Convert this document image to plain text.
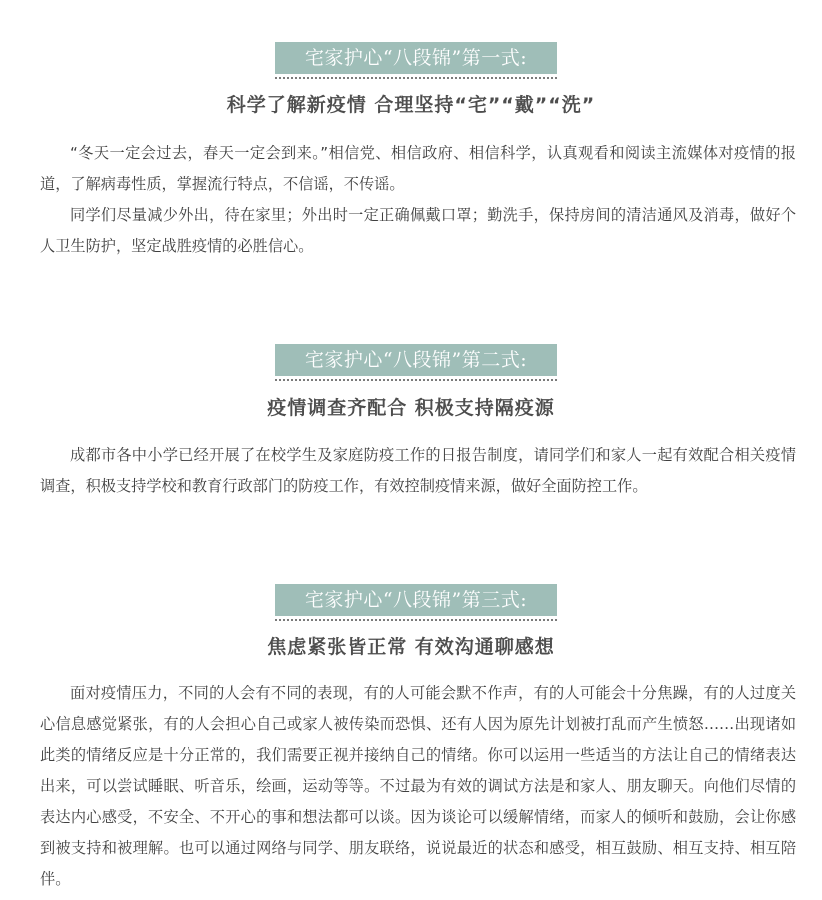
宅家护心“八段锦”第一式:
科学了解新疫情 合理坚持“宅”“戴”“洗”

“冬天一定会过去，春天一定会到来。”相信党、相信政府、相信科学，认真观看和阅读主流媒体对疫情的报道，了解病毒性质，掌握流行特点，不信谣，不传谣。

同学们尽量减少外出，待在家里；外出时一定正确佩戴口罩；勤洗手，保持房间的清洁通风及消毒，做好个人卫生防护，坚定战胜疫情的必胜信心。

宅家护心“八段锦”第二式:
疫情调查齐配合 积极支持隔疫源

成都市各中小学已经开展了在校学生及家庭防疫工作的日报告制度，请同学们和家人一起有效配合相关疫情调查，积极支持学校和教育行政部门的防疫工作，有效控制疫情来源，做好全面防控工作。

宅家护心“八段锦”第三式:
焦虑紧张皆正常 有效沟通聊感想

面对疫情压力，不同的人会有不同的表现，有的人可能会默不作声，有的人可能会十分焦躁，有的人过度关心信息感觉紧张，有的人会担心自己或家人被传染而恐惧、还有人因为原先计划被打乱而产生愤怒……出现诸如此类的情绪反应是十分正常的，我们需要正视并接纳自己的情绪。你可以运用一些适当的方法让自己的情绪表达出来，可以尝试睡眠、听音乐，绘画，运动等等。不过最为有效的调试方法是和家人、朋友聊天。向他们尽情的表达内心感受，不安全、不开心的事和想法都可以谈。因为谈论可以缓解情绪，而家人的倾听和鼓励，会让你感到被支持和被理解。也可以通过网络与同学、朋友联络，说说最近的状态和感受，相互鼓励、相互支持、相互陪伴。
